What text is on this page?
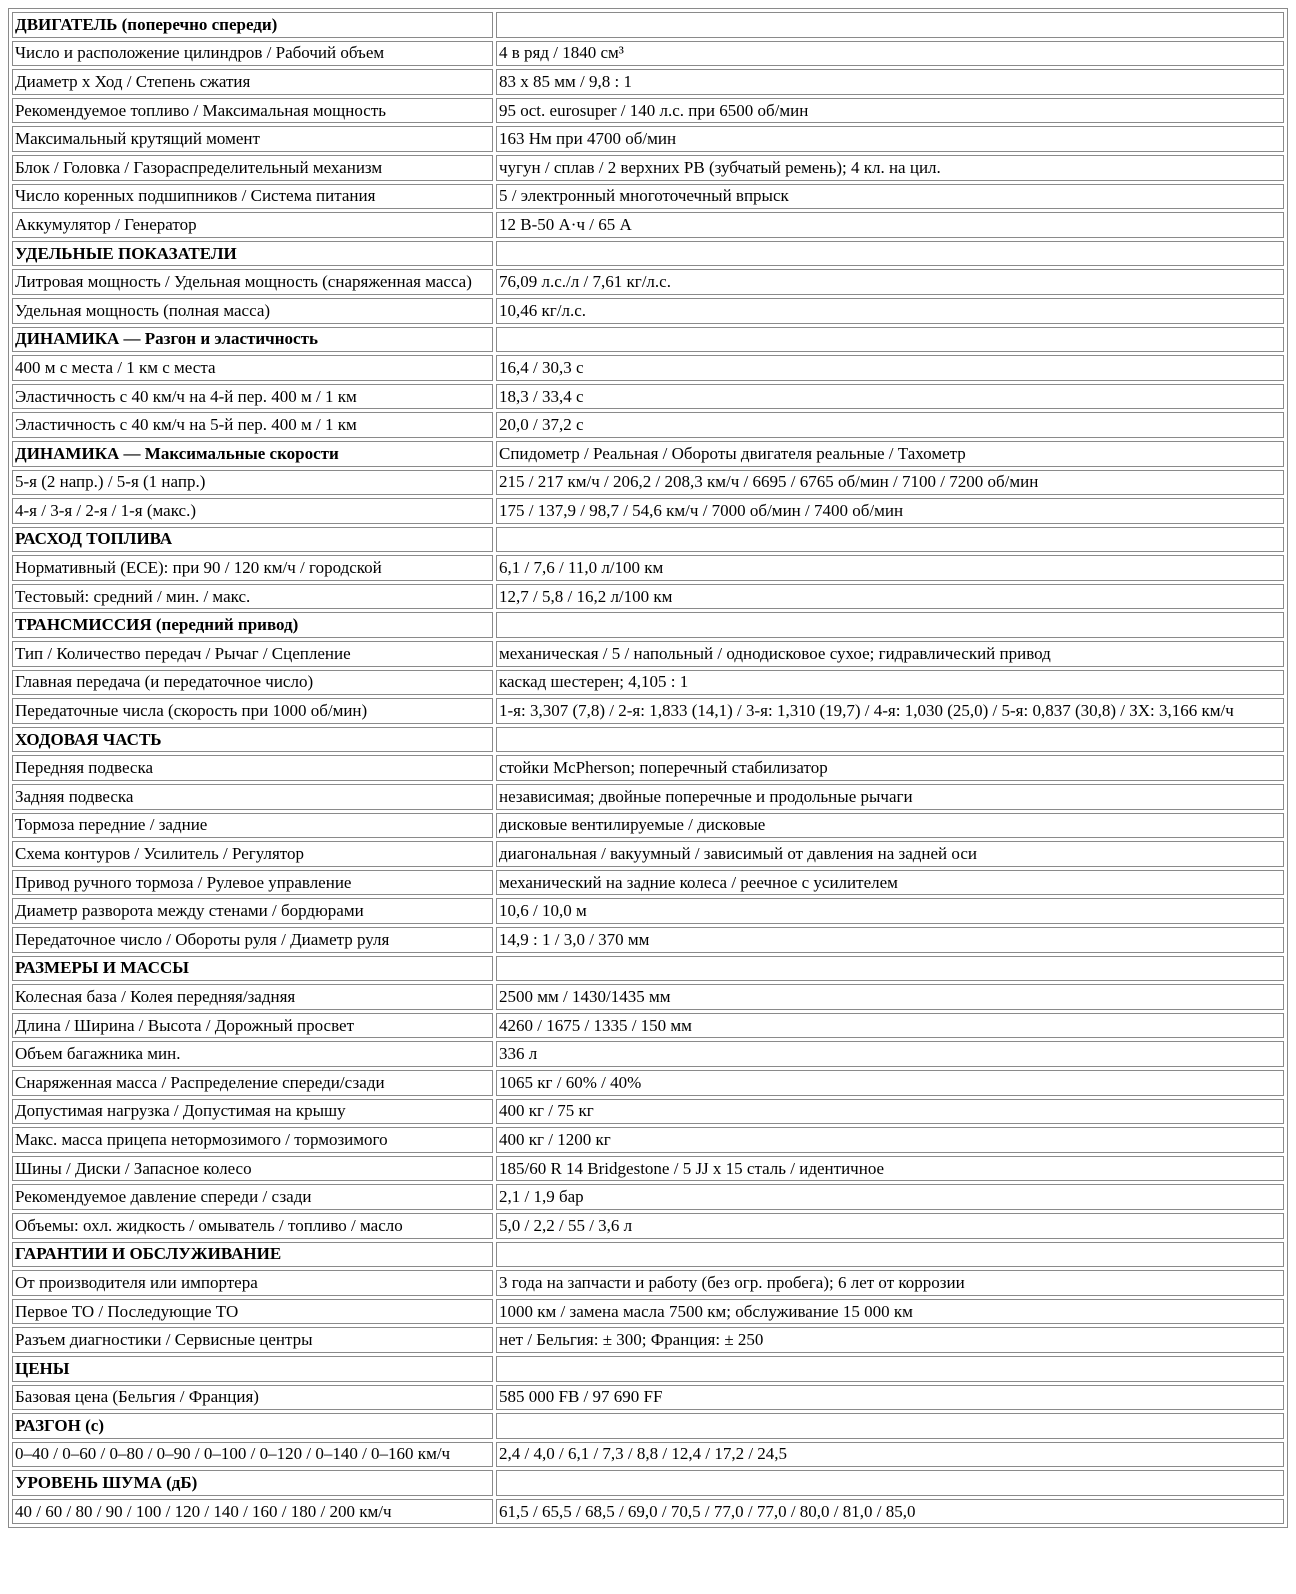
ДВИГАТЕЛЬ (поперечно спереди)	
Число и расположение цилиндров / Рабочий объем	4 в ряд / 1840 см³
Диаметр х Ход / Степень сжатия	83 х 85 мм / 9,8 : 1
Рекомендуемое топливо / Максимальная мощность	95 oct. eurosuper / 140 л.с. при 6500 об/мин
Максимальный крутящий момент	163 Нм при 4700 об/мин
Блок / Головка / Газораспределительный механизм	чугун / сплав / 2 верхних РВ (зубчатый ремень); 4 кл. на цил.
Число коренных подшипников / Система питания	5 / электронный многоточечный впрыск
Аккумулятор / Генератор	12 В-50 А·ч / 65 А
УДЕЛЬНЫЕ ПОКАЗАТЕЛИ	
Литровая мощность / Удельная мощность (снаряженная масса)	76,09 л.с./л / 7,61 кг/л.с.
Удельная мощность (полная масса)	10,46 кг/л.с.
ДИНАМИКА — Разгон и эластичность	
400 м с места / 1 км с места	16,4 / 30,3 с
Эластичность с 40 км/ч на 4-й пер. 400 м / 1 км	18,3 / 33,4 с
Эластичность с 40 км/ч на 5-й пер. 400 м / 1 км	20,0 / 37,2 с
ДИНАМИКА — Максимальные скорости	Спидометр / Реальная / Обороты двигателя реальные / Тахометр
5-я (2 напр.) / 5-я (1 напр.)	215 / 217 км/ч / 206,2 / 208,3 км/ч / 6695 / 6765 об/мин / 7100 / 7200 об/мин
4-я / 3-я / 2-я / 1-я (макс.)	175 / 137,9 / 98,7 / 54,6 км/ч / 7000 об/мин / 7400 об/мин
РАСХОД ТОПЛИВА	
Нормативный (ЕСЕ): при 90 / 120 км/ч / городской	6,1 / 7,6 / 11,0 л/100 км
Тестовый: средний / мин. / макс.	12,7 / 5,8 / 16,2 л/100 км
ТРАНСМИССИЯ (передний привод)	
Тип / Количество передач / Рычаг / Сцепление	механическая / 5 / напольный / однодисковое сухое; гидравлический привод
Главная передача (и передаточное число)	каскад шестерен; 4,105 : 1
Передаточные числа (скорость при 1000 об/мин)	1-я: 3,307 (7,8) / 2-я: 1,833 (14,1) / 3-я: 1,310 (19,7) / 4-я: 1,030 (25,0) / 5-я: 0,837 (30,8) / ЗХ: 3,166 км/ч
ХОДОВАЯ ЧАСТЬ	
Передняя подвеска	стойки McPherson; поперечный стабилизатор
Задняя подвеска	независимая; двойные поперечные и продольные рычаги
Тормоза передние / задние	дисковые вентилируемые / дисковые
Схема контуров / Усилитель / Регулятор	диагональная / вакуумный / зависимый от давления на задней оси
Привод ручного тормоза / Рулевое управление	механический на задние колеса / реечное с усилителем
Диаметр разворота между стенами / бордюрами	10,6 / 10,0 м
Передаточное число / Обороты руля / Диаметр руля	14,9 : 1 / 3,0 / 370 мм
РАЗМЕРЫ И МАССЫ	
Колесная база / Колея передняя/задняя	2500 мм / 1430/1435 мм
Длина / Ширина / Высота / Дорожный просвет	4260 / 1675 / 1335 / 150 мм
Объем багажника мин.	336 л
Снаряженная масса / Распределение спереди/сзади	1065 кг / 60% / 40%
Допустимая нагрузка / Допустимая на крышу	400 кг / 75 кг
Макс. масса прицепа нетормозимого / тормозимого	400 кг / 1200 кг
Шины / Диски / Запасное колесо	185/60 R 14 Bridgestone / 5 JJ x 15 сталь / идентичное
Рекомендуемое давление спереди / сзади	2,1 / 1,9 бар
Объемы: охл. жидкость / омыватель / топливо / масло	5,0 / 2,2 / 55 / 3,6 л
ГАРАНТИИ И ОБСЛУЖИВАНИЕ	
От производителя или импортера	3 года на запчасти и работу (без огр. пробега); 6 лет от коррозии
Первое ТО / Последующие ТО	1000 км / замена масла 7500 км; обслуживание 15 000 км
Разъем диагностики / Сервисные центры	нет / Бельгия: ± 300; Франция: ± 250
ЦЕНЫ	
Базовая цена (Бельгия / Франция)	585 000 FB / 97 690 FF
РАЗГОН (с)	
0–40 / 0–60 / 0–80 / 0–90 / 0–100 / 0–120 / 0–140 / 0–160 км/ч	2,4 / 4,0 / 6,1 / 7,3 / 8,8 / 12,4 / 17,2 / 24,5
УРОВЕНЬ ШУМА (дБ)	
40 / 60 / 80 / 90 / 100 / 120 / 140 / 160 / 180 / 200 км/ч	61,5 / 65,5 / 68,5 / 69,0 / 70,5 / 77,0 / 77,0 / 80,0 / 81,0 / 85,0
